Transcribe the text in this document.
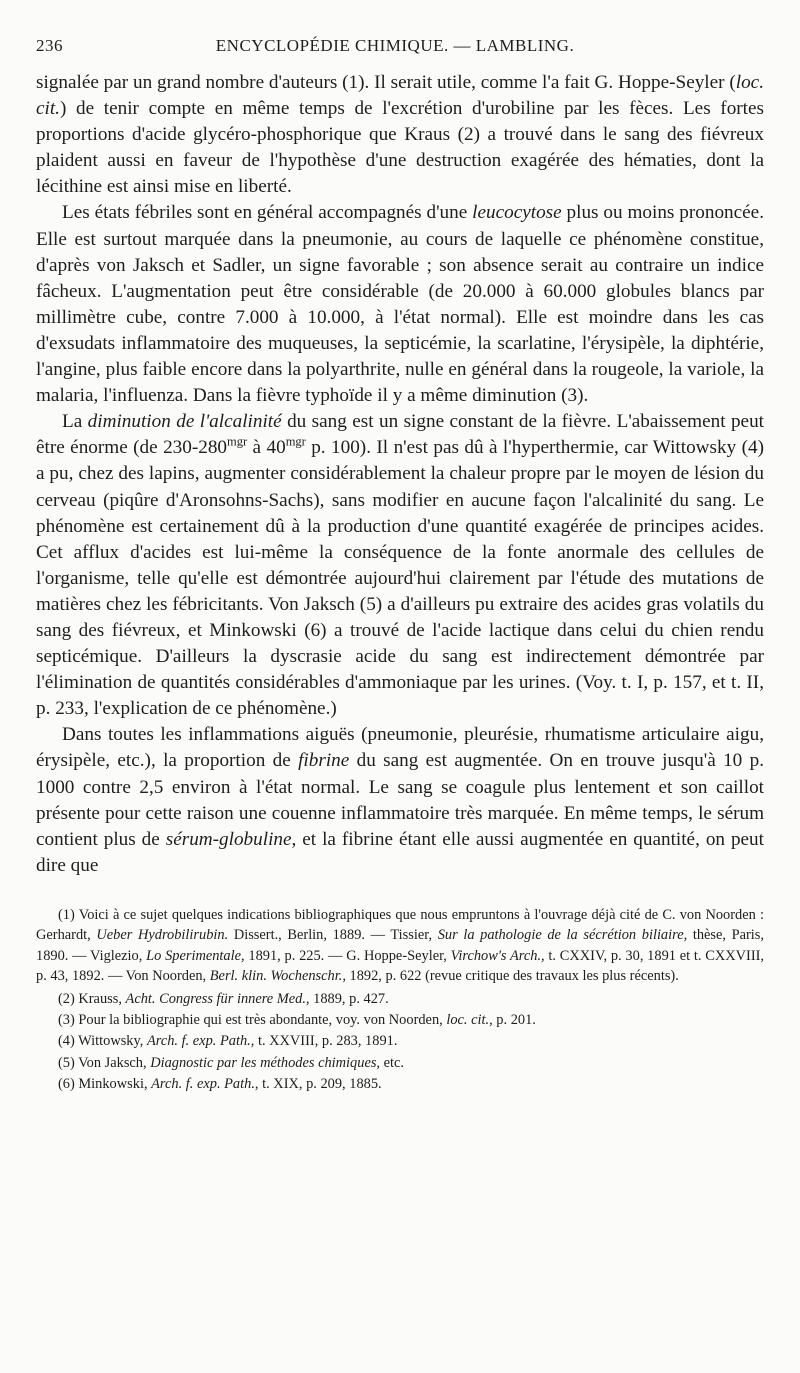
236	ENCYCLOPÉDIE CHIMIQUE. — LAMBLING.

signalée par un grand nombre d'auteurs (1). Il serait utile, comme l'a fait G. Hoppe-Seyler (loc. cit.) de tenir compte en même temps de l'excrétion d'urobiline par les fèces. Les fortes proportions d'acide glycéro-phosphorique que Kraus (2) a trouvé dans le sang des fiévreux plaident aussi en faveur de l'hypothèse d'une destruction exagérée des hématies, dont la lécithine est ainsi mise en liberté.

Les états fébriles sont en général accompagnés d'une leucocytose plus ou moins prononcée. Elle est surtout marquée dans la pneumonie, au cours de laquelle ce phénomène constitue, d'après von Jaksch et Sadler, un signe favorable ; son absence serait au contraire un indice fâcheux. L'augmentation peut être considérable (de 20.000 à 60.000 globules blancs par millimètre cube, contre 7.000 à 10.000, à l'état normal). Elle est moindre dans les cas d'exsudats inflammatoire des muqueuses, la septicémie, la scarlatine, l'érysipèle, la diphtérie, l'angine, plus faible encore dans la polyarthrite, nulle en général dans la rougeole, la variole, la malaria, l'influenza. Dans la fièvre typhoïde il y a même diminution (3).

La diminution de l'alcalinité du sang est un signe constant de la fièvre. L'abaissement peut être énorme (de $230-280^{mgr}$ à $40^{mgr}$ p. 100). Il n'est pas dû à l'hyperthermie, car Wittowsky (4) a pu, chez des lapins, augmenter considérablement la chaleur propre par le moyen de lésion du cerveau (piqûre d'Aronsohns-Sachs), sans modifier en aucune façon l'alcalinité du sang. Le phénomène est certainement dû à la production d'une quantité exagérée de principes acides. Cet afflux d'acides est lui-même la conséquence de la fonte anormale des cellules de l'organisme, telle qu'elle est démontrée aujourd'hui clairement par l'étude des mutations de matières chez les fébricitants. Von Jaksch (5) a d'ailleurs pu extraire des acides gras volatils du sang des fiévreux, et Minkowski (6) a trouvé de l'acide lactique dans celui du chien rendu septicémique. D'ailleurs la dyscrasie acide du sang est indirectement démontrée par l'élimination de quantités considérables d'ammoniaque par les urines. (Voy. t. I, p. 157, et t. II, p. 233, l'explication de ce phénomène.)

Dans toutes les inflammations aiguës (pneumonie, pleurésie, rhumatisme articulaire aigu, érysipèle, etc.), la proportion de fibrine du sang est augmentée. On en trouve jusqu'à 10 p. 1000 contre 2,5 environ à l'état normal. Le sang se coagule plus lentement et son caillot présente pour cette raison une couenne inflammatoire très marquée. En même temps, le sérum contient plus de sérum-globuline, et la fibrine étant elle aussi augmentée en quantité, on peut dire que

(1) Voici à ce sujet quelques indications bibliographiques que nous empruntons à l'ouvrage déjà cité de C. von Noorden : Gerhardt, Ueber Hydrobilirubin. Dissert., Berlin, 1889. — Tissier, Sur la pathologie de la sécrétion biliaire, thèse, Paris, 1890. — Viglezio, Lo Sperimentale, 1891, p. 225. — G. Hoppe-Seyler, Virchow's Arch., t. CXXIV, p. 30, 1891 et t. CXXVIII, p. 43, 1892. — Von Noorden, Berl. klin. Wochenschr., 1892, p. 622 (revue critique des travaux les plus récents).

(2) Krauss, Acht. Congress für innere Med., 1889, p. 427.

(3) Pour la bibliographie qui est très abondante, voy. von Noorden, loc. cit., p. 201.

(4) Wittowsky, Arch. f. exp. Path., t. XXVIII, p. 283, 1891.

(5) Von Jaksch, Diagnostic par les méthodes chimiques, etc.

(6) Minkowski, Arch. f. exp. Path., t. XIX, p. 209, 1885.
